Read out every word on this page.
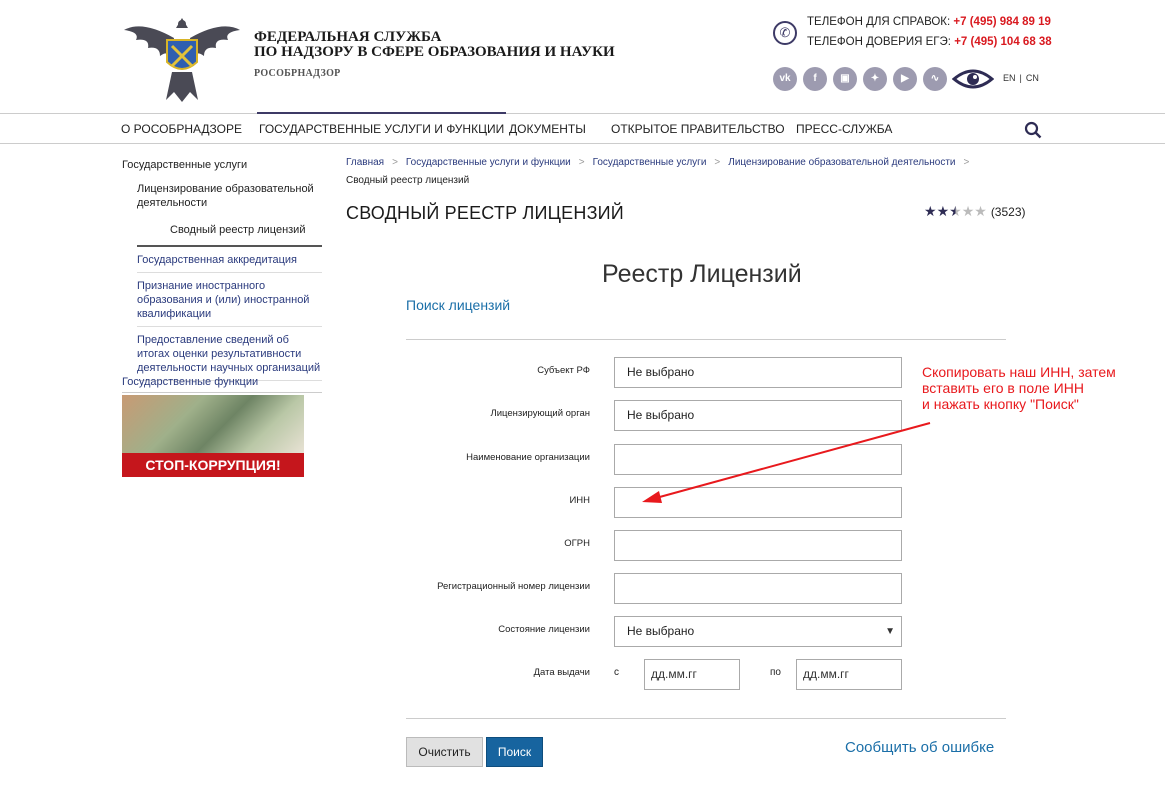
ФЕДЕРАЛЬНАЯ СЛУЖБА
ПО НАДЗОРУ В СФЕРЕ ОБРАЗОВАНИЯ И НАУКИ
РОСОБРНАДЗОР
✆
ТЕЛЕФОН ДЛЯ СПРАВОК: +7 (495) 984 89 19
ТЕЛЕФОН ДОВЕРИЯ ЕГЭ: +7 (495) 104 68 38
vk	f	▣	✦	▶	∿	EN | CN
О РОСОБРНАДЗОРЕ ГОСУДАРСТВЕННЫЕ УСЛУГИ И ФУНКЦИИ ДОКУМЕНТЫ ОТКРЫТОЕ ПРАВИТЕЛЬСТВО ПРЕСС-СЛУЖБА
Государственные услуги
Лицензирование образовательной деятельности
Сводный реестр лицензий
Государственная аккредитация
Признание иностранного образования и (или) иностранной квалификации
Предоставление сведений об итогах оценки результативности деятельности научных организаций
Государственные функции
СТОП-КОРРУПЦИЯ!
Главная > Государственные услуги и функции > Государственные услуги > Лицензирование образовательной деятельности >
Сводный реестр лицензий
СВОДНЫЙ РЕЕСТР ЛИЦЕНЗИЙ	★★★★★ (3523)
Реестр Лицензий
Поиск лицензий
Субъект РФ	Не выбрано
Лицензирующий орган	Не выбрано
Наименование организации
ИНН
ОГРН
Регистрационный номер лицензии
Состояние лицензии	Не выбрано	▼
Дата выдачи с	дд.мм.гг	по	дд.мм.гг
Очистить	Поиск	Сообщить об ошибке
Скопировать наш ИНН, затем
вставить его в поле ИНН
и нажать кнопку "Поиск"
